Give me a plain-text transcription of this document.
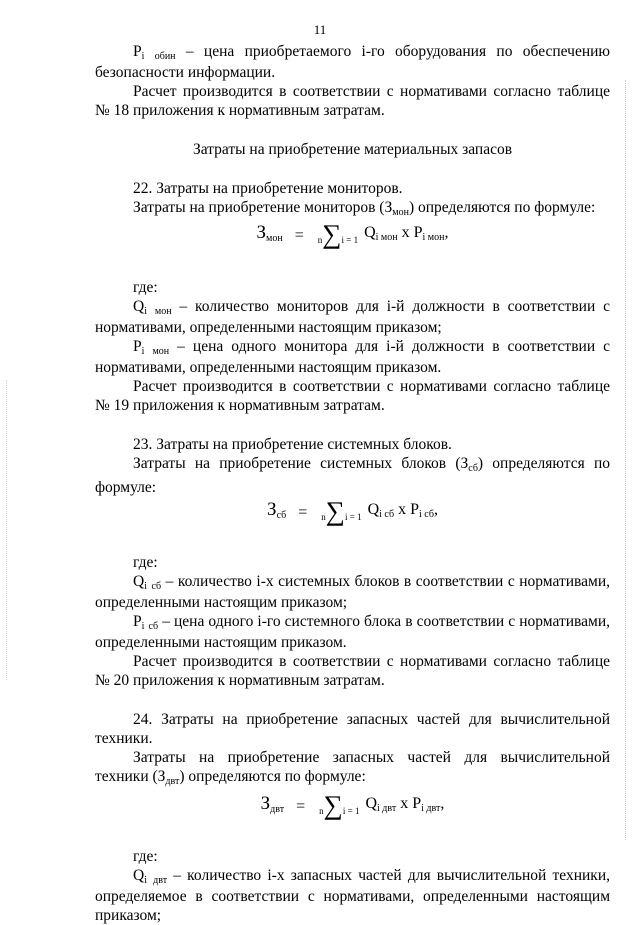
11

Pi обин – цена приобретаемого i-го оборудования по обеспечению безопасности информации.

Расчет производится в соответствии с нормативами согласно таблице № 18 приложения к нормативным затратам.

Затраты на приобретение материальных запасов

22. Затраты на приобретение мониторов.

Затраты на приобретение мониторов $(З_{мон})$ определяются по формуле:

$З_{мон} = n\sum i = 1$ $Q_{i мон}$ x $P_{i мон}$,

где:

Qi мон – количество мониторов для i-й должности в соответствии с нормативами, определенными настоящим приказом;

Pi мон – цена одного монитора для i-й должности в соответствии с нормативами, определенными настоящим приказом.

Расчет производится в соответствии с нормативами согласно таблице № 19 приложения к нормативным затратам.

23. Затраты на приобретение системных блоков.

Затраты на приобретение системных блоков $(З_{сб})$ определяются по формуле:

$З_{сб} = n\sum i = 1$ $Q_{i сб}$ x $P_{i сб}$,

где:

Qi сб – количество i-х системных блоков в соответствии с нормативами, определенными настоящим приказом;

Pi сб – цена одного i-го системного блока в соответствии с нормативами, определенными настоящим приказом.

Расчет производится в соответствии с нормативами согласно таблице № 20 приложения к нормативным затратам.

24. Затраты на приобретение запасных частей для вычислительной техники.

Затраты на приобретение запасных частей для вычислительной техники $(З_{двт})$ определяются по формуле:

$З_{двт} = n\sum i = 1$ $Q_{i двт}$ x $P_{i двт}$,

где:

Qi двт – количество i-х запасных частей для вычислительной техники, определяемое в соответствии с нормативами, определенными настоящим приказом;
